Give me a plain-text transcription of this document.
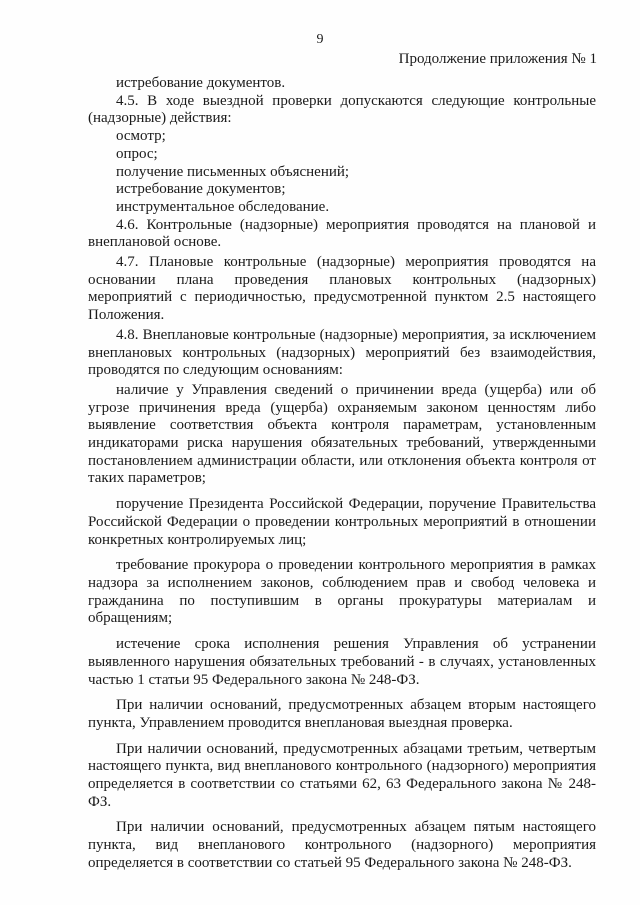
9
Продолжение приложения № 1

истребование документов.

4.5. В ходе выездной проверки допускаются следующие контрольные (надзорные) действия:

осмотр;

опрос;

получение письменных объяснений;

истребование документов;

инструментальное обследование.

4.6. Контрольные (надзорные) мероприятия проводятся на плановой и внеплановой основе.

4.7. Плановые контрольные (надзорные) мероприятия проводятся на основании плана проведения плановых контрольных (надзорных) мероприятий с периодичностью, предусмотренной пунктом 2.5 настоящего Положения.

4.8. Внеплановые контрольные (надзорные) мероприятия, за исключением внеплановых контрольных (надзорных) мероприятий без взаимодействия, проводятся по следующим основаниям:

наличие у Управления сведений о причинении вреда (ущерба) или об угрозе причинения вреда (ущерба) охраняемым законом ценностям либо выявление соответствия объекта контроля параметрам, установленным индикаторами риска нарушения обязательных требований, утвержденными постановлением администрации области, или отклонения объекта контроля от таких параметров;

поручение Президента Российской Федерации, поручение Правительства Российской Федерации о проведении контрольных мероприятий в отношении конкретных контролируемых лиц;

требование прокурора о проведении контрольного мероприятия в рамках надзора за исполнением законов, соблюдением прав и свобод человека и гражданина по поступившим в органы прокуратуры материалам и обращениям;

истечение срока исполнения решения Управления об устранении выявленного нарушения обязательных требований - в случаях, установленных частью 1 статьи 95 Федерального закона № 248-ФЗ.

При наличии оснований, предусмотренных абзацем вторым настоящего пункта, Управлением проводится внеплановая выездная проверка.

При наличии оснований, предусмотренных абзацами третьим, четвертым настоящего пункта, вид внепланового контрольного (надзорного) мероприятия определяется в соответствии со статьями 62, 63 Федерального закона № 248-ФЗ.

При наличии оснований, предусмотренных абзацем пятым настоящего пункта, вид внепланового контрольного (надзорного) мероприятия определяется в соответствии со статьей 95 Федерального закона № 248-ФЗ.
